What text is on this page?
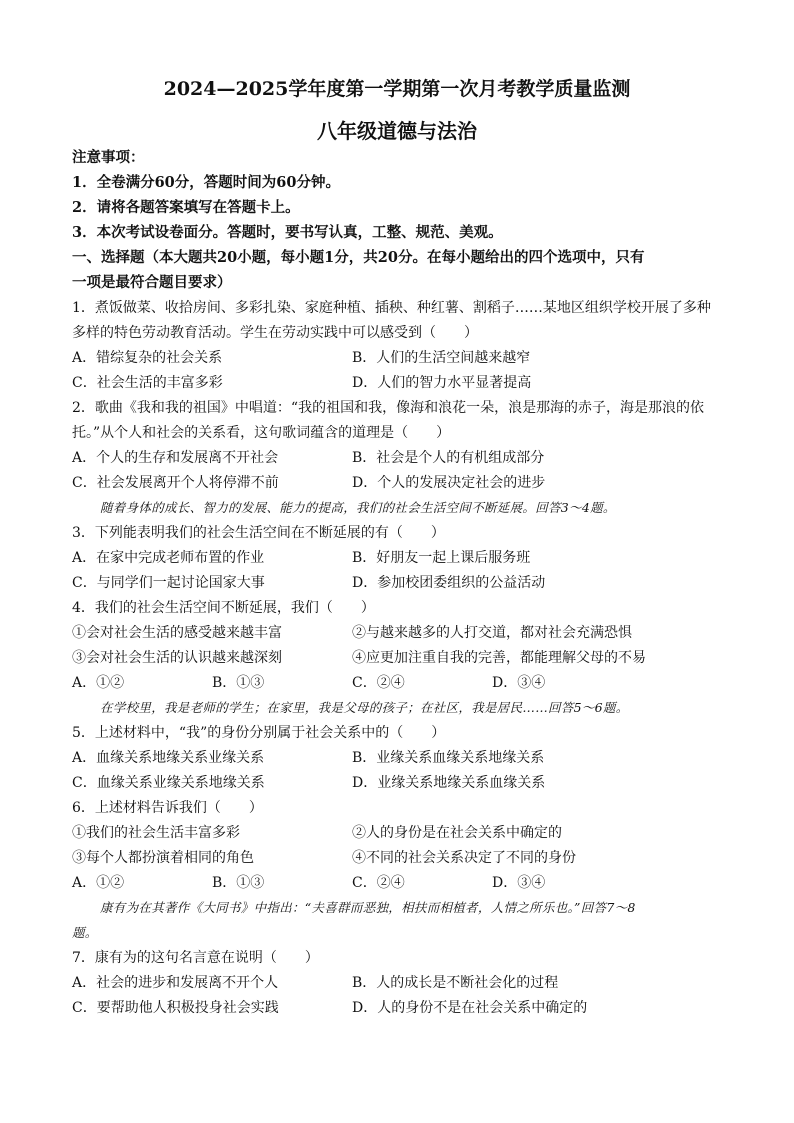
2024—2025学年度第一学期第一次月考教学质量监测
八年级道德与法治
注意事项：
1．全卷满分60分，答题时间为60分钟。
2．请将各题答案填写在答题卡上。
3．本次考试设卷面分。答题时，要书写认真，工整、规范、美观。
一、选择题（本大题共20小题，每小题1分，共20分。在每小题给出的四个选项中，只有
一项是最符合题目要求）
1．煮饭做菜、收拾房间、多彩扎染、家庭种植、插秧、种红薯、割稻子……某地区组织学校开展了多种
多样的特色劳动教育活动。学生在劳动实践中可以感受到（　　）
A．错综复杂的社会关系	B．人们的生活空间越来越窄
C．社会生活的丰富多彩	D．人们的智力水平显著提高
2．歌曲《我和我的祖国》中唱道：“我的祖国和我，像海和浪花一朵，浪是那海的赤子，海是那浪的依
托。”从个人和社会的关系看，这句歌词蕴含的道理是（　　）
A．个人的生存和发展离不开社会	B．社会是个人的有机组成部分
C．社会发展离开个人将停滞不前	D．个人的发展决定社会的进步
随着身体的成长、智力的发展、能力的提高，我们的社会生活空间不断延展。回答3～4题。
3．下列能表明我们的社会生活空间在不断延展的有（　　）
A．在家中完成老师布置的作业	B．好朋友一起上课后服务班
C．与同学们一起讨论国家大事	D．参加校团委组织的公益活动
4．我们的社会生活空间不断延展，我们（　　）
①会对社会生活的感受越来越丰富	②与越来越多的人打交道，都对社会充满恐惧
③会对社会生活的认识越来越深刻	④应更加注重自我的完善，都能理解父母的不易
A．①②	B．①③	C．②④	D．③④
在学校里，我是老师的学生；在家里，我是父母的孩子；在社区，我是居民……回答5～6题。
5．上述材料中，“我”的身份分别属于社会关系中的（　　）
A．血缘关系地缘关系业缘关系	B．业缘关系血缘关系地缘关系
C．血缘关系业缘关系地缘关系	D．业缘关系地缘关系血缘关系
6．上述材料告诉我们（　　）
①我们的社会生活丰富多彩	②人的身份是在社会关系中确定的
③每个人都扮演着相同的角色	④不同的社会关系决定了不同的身份
A．①②	B．①③	C．②④	D．③④
康有为在其著作《大同书》中指出：“夫喜群而恶独，相扶而相植者，人情之所乐也。”回答7～8
题。
7．康有为的这句名言意在说明（　　）
A．社会的进步和发展离不开个人	B．人的成长是不断社会化的过程
C．要帮助他人积极投身社会实践	D．人的身份不是在社会关系中确定的
